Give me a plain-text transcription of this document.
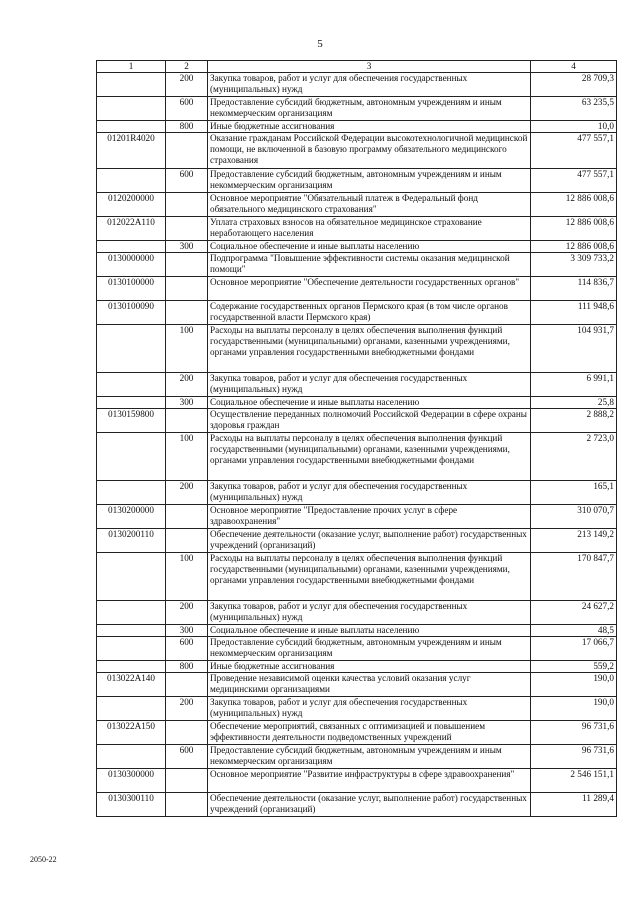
5
1	2	3	4
	200	Закупка товаров, работ и услуг для обеспечения государственных (муниципальных) нужд	28 709,3
	600	Предоставление субсидий бюджетным, автономным учреждениям и иным некоммерческим организациям	63 235,5
	800	Иные бюджетные ассигнования	10,0
01201R4020		Оказание гражданам Российской Федерации высокотехнологичной медицинской помощи, не включенной в базовую программу обязательного медицинского страхования	477 557,1
	600	Предоставление субсидий бюджетным, автономным учреждениям и иным некоммерческим организациям	477 557,1
0120200000		Основное мероприятие "Обязательный платеж в Федеральный фонд обязательного медицинского страхования"	12 886 008,6
012022А110		Уплата страховых взносов на обязательное медицинское страхование неработающего населения	12 886 008,6
	300	Социальное обеспечение и иные выплаты населению	12 886 008,6
0130000000		Подпрограмма "Повышение эффективности системы оказания медицинской помощи"	3 309 733,2
0130100000		Основное мероприятие "Обеспечение деятельности государственных органов"	114 836,7
0130100090		Содержание государственных органов Пермского края (в том числе органов государственной власти Пермского края)	111 948,6
	100	Расходы на выплаты персоналу в целях обеспечения выполнения функций государственными (муниципальными) органами, казенными учреждениями, органами управления государственными внебюджетными фондами	104 931,7
	200	Закупка товаров, работ и услуг для обеспечения государственных (муниципальных) нужд	6 991,1
	300	Социальное обеспечение и иные выплаты населению	25,8
0130159800		Осуществление переданных полномочий Российской Федерации в сфере охраны здоровья граждан	2 888,2
	100	Расходы на выплаты персоналу в целях обеспечения выполнения функций государственными (муниципальными) органами, казенными учреждениями, органами управления государственными внебюджетными фондами	2 723,0
	200	Закупка товаров, работ и услуг для обеспечения государственных (муниципальных) нужд	165,1
0130200000		Основное мероприятие "Предоставление прочих услуг в сфере здравоохранения"	310 070,7
0130200110		Обеспечение деятельности (оказание услуг, выполнение работ) государственных учреждений (организаций)	213 149,2
	100	Расходы на выплаты персоналу в целях обеспечения выполнения функций государственными (муниципальными) органами, казенными учреждениями, органами управления государственными внебюджетными фондами	170 847,7
	200	Закупка товаров, работ и услуг для обеспечения государственных (муниципальных) нужд	24 627,2
	300	Социальное обеспечение и иные выплаты населению	48,5
	600	Предоставление субсидий бюджетным, автономным учреждениям и иным некоммерческим организациям	17 066,7
	800	Иные бюджетные ассигнования	559,2
013022А140		Проведение независимой оценки качества условий оказания услуг медицинскими организациями	190,0
	200	Закупка товаров, работ и услуг для обеспечения государственных (муниципальных) нужд	190,0
013022А150		Обеспечение мероприятий, связанных с оптимизацией и повышением эффективности деятельности подведомственных учреждений	96 731,6
	600	Предоставление субсидий бюджетным, автономным учреждениям и иным некоммерческим организациям	96 731,6
0130300000		Основное мероприятие "Развитие инфраструктуры в сфере здравоохранения"	2 546 151,1
0130300110		Обеспечение деятельности (оказание услуг, выполнение работ) государственных учреждений (организаций)	11 289,4
2050-22
